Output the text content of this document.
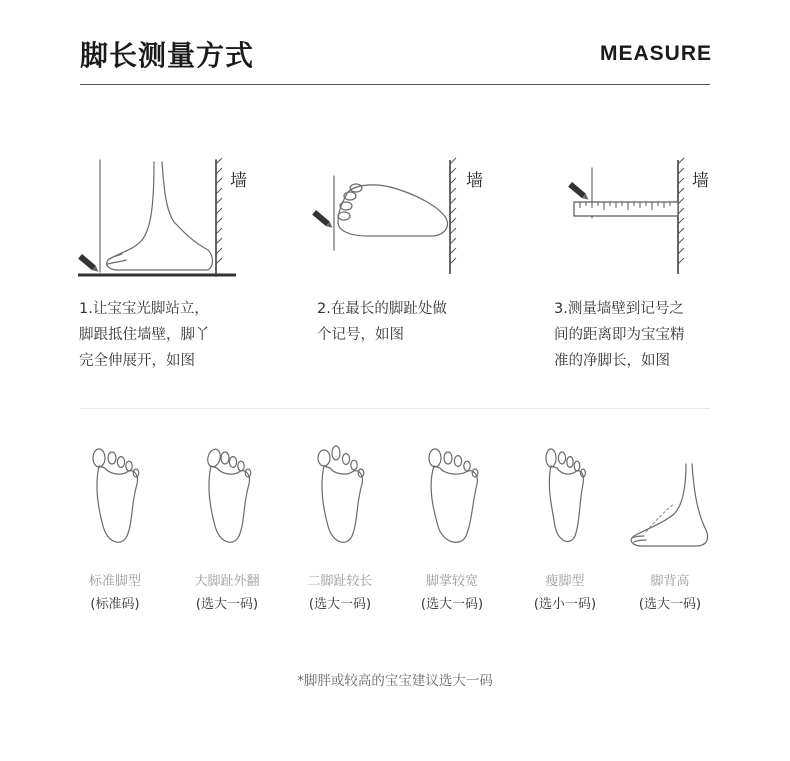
脚长测量方式	MEASURE
墙	墙	墙
1.让宝宝光脚站立，
脚跟抵住墙壁，脚丫
完全伸展开，如图
2.在最长的脚趾处做
个记号，如图
3.测量墙壁到记号之
间的距离即为宝宝精
准的净脚长，如图
标准脚型
(标准码)
大脚趾外翻
(选大一码)
二脚趾较长
(选大一码)
脚掌较宽
(选大一码)
瘦脚型
(选小一码)
脚背高
(选大一码)
*脚胖或较高的宝宝建议选大一码
